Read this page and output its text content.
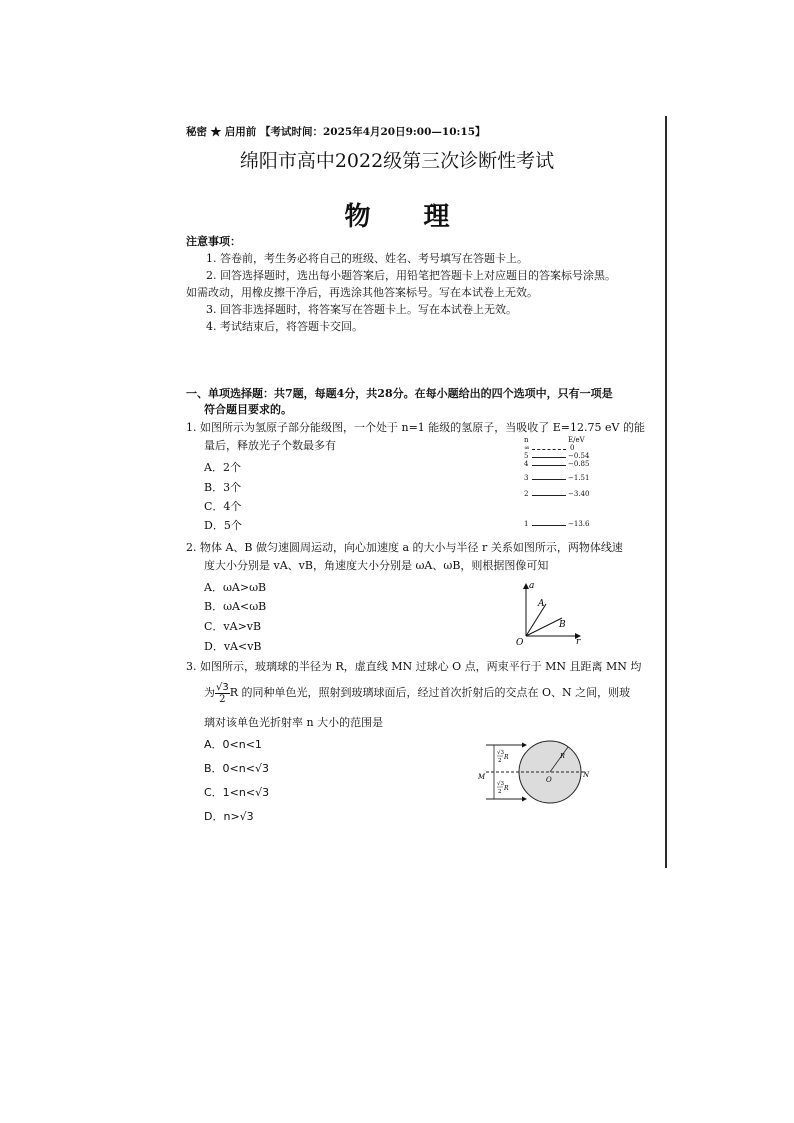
秘密 ★ 启用前 【考试时间：2025年4月20日9:00—10:15】
绵阳市高中2022级第三次诊断性考试
物 理
注意事项：
1. 答卷前，考生务必将自己的班级、姓名、考号填写在答题卡上。
2. 回答选择题时，选出每小题答案后，用铅笔把答题卡上对应题目的答案标号涂黑。
如需改动，用橡皮擦干净后，再选涂其他答案标号。写在本试卷上无效。
3. 回答非选择题时，将答案写在答题卡上。写在本试卷上无效。
4. 考试结束后，将答题卡交回。
一、单项选择题：共7题，每题4分，共28分。在每小题给出的四个选项中，只有一项是
符合题目要求的。
1. 如图所示为氢原子部分能级图，一个处于 n=1 能级的氢原子，当吸收了 E=12.75 eV 的能
量后，释放光子个数最多有
A．2个
B．3个
C．4个
D．5个
n	E/eV
∞	0
5	−0.54
4	−0.85
3	−1.51
2	−3.40
1	−13.6
2. 物体 A、B 做匀速圆周运动，向心加速度 a 的大小与半径 r 关系如图所示，两物体线速
度大小分别是 vA、vB，角速度大小分别是 ωA、ωB，则根据图像可知
A．ωA>ωB
B．ωA<ωB
C．vA>vB
D．vA<vB
a
r
O
A
B
3. 如图所示，玻璃球的半径为 R，虚直线 MN 过球心 O 点，两束平行于 MN 且距离 MN 均
为 $\frac{√3}{2}$ R 的同种单色光，照射到玻璃球面后，经过首次折射后的交点在 O、N 之间，则玻
璃对该单色光折射率 n 大小的范围是
A．0<n<1
B．0<n<√3
C．1<n<√3
D．n>√3
√3
2 R
√3
2 R
M	N
O
R
